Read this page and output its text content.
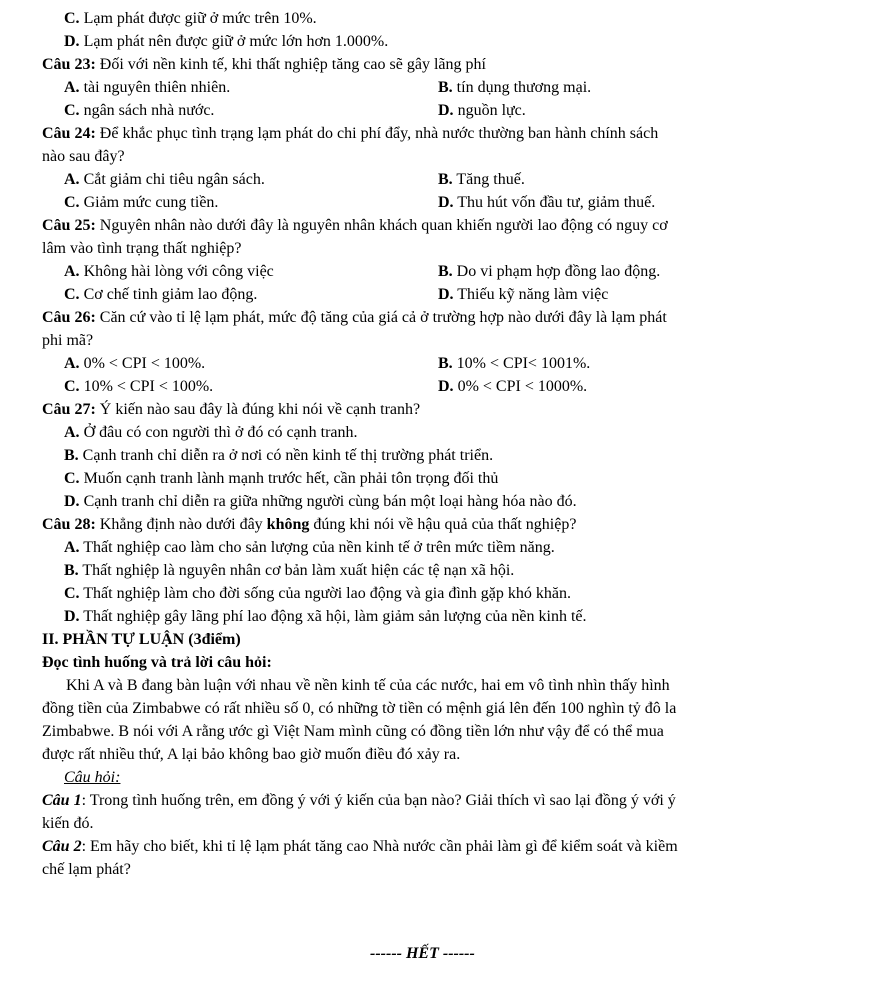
C. Lạm phát được giữ ở mức trên 10%.
D. Lạm phát nên được giữ ở mức lớn hơn 1.000%.
Câu 23: Đối với nền kinh tế, khi thất nghiệp tăng cao sẽ gây lãng phí
A. tài nguyên thiên nhiên.	B. tín dụng thương mại.
C. ngân sách nhà nước.	D. nguồn lực.
Câu 24: Để khắc phục tình trạng lạm phát do chi phí đẩy, nhà nước thường ban hành chính sách
nào sau đây?
A. Cắt giảm chi tiêu ngân sách.	B. Tăng thuế.
C. Giảm mức cung tiền.	D. Thu hút vốn đầu tư, giảm thuế.
Câu 25: Nguyên nhân nào dưới đây là nguyên nhân khách quan khiến người lao động có nguy cơ
lâm vào tình trạng thất nghiệp?
A. Không hài lòng với công việc	B. Do vi phạm hợp đồng lao động.
C. Cơ chế tinh giảm lao động.	D. Thiếu kỹ năng làm việc
Câu 26: Căn cứ vào tỉ lệ lạm phát, mức độ tăng của giá cả ở trường hợp nào dưới đây là lạm phát
phi mã?
A. 0% < CPI < 100%.	B. 10% < CPI< 1001%.
C. 10% < CPI < 100%.	D. 0% < CPI < 1000%.
Câu 27: Ý kiến nào sau đây là đúng khi nói về cạnh tranh?
A. Ở đâu có con người thì ở đó có cạnh tranh.
B. Cạnh tranh chỉ diễn ra ở nơi có nền kinh tế thị trường phát triển.
C. Muốn cạnh tranh lành mạnh trước hết, cần phải tôn trọng đối thủ
D. Cạnh tranh chỉ diễn ra giữa những người cùng bán một loại hàng hóa nào đó.
Câu 28: Khẳng định nào dưới đây không đúng khi nói về hậu quả của thất nghiệp?
A. Thất nghiệp cao làm cho sản lượng của nền kinh tế ở trên mức tiềm năng.
B. Thất nghiệp là nguyên nhân cơ bản làm xuất hiện các tệ nạn xã hội.
C. Thất nghiệp làm cho đời sống của người lao động và gia đình gặp khó khăn.
D. Thất nghiệp gây lãng phí lao động xã hội, làm giảm sản lượng của nền kinh tế.
II. PHẦN TỰ LUẬN (3điểm)
Đọc tình huống và trả lời câu hỏi:
Khi A và B đang bàn luận với nhau về nền kinh tế của các nước, hai em vô tình nhìn thấy hình
đồng tiền của Zimbabwe có rất nhiều số 0, có những tờ tiền có mệnh giá lên đến 100 nghìn tỷ đô la
Zimbabwe. B nói với A rằng ước gì Việt Nam mình cũng có đồng tiền lớn như vậy để có thể mua
được rất nhiều thứ, A lại bảo không bao giờ muốn điều đó xảy ra.
Câu hỏi:
Câu 1: Trong tình huống trên, em đồng ý với ý kiến của bạn nào? Giải thích vì sao lại đồng ý với ý
kiến đó.
Câu 2: Em hãy cho biết, khi tỉ lệ lạm phát tăng cao Nhà nước cần phải làm gì để kiểm soát và kiềm
chế lạm phát?
------ HẾT ------
